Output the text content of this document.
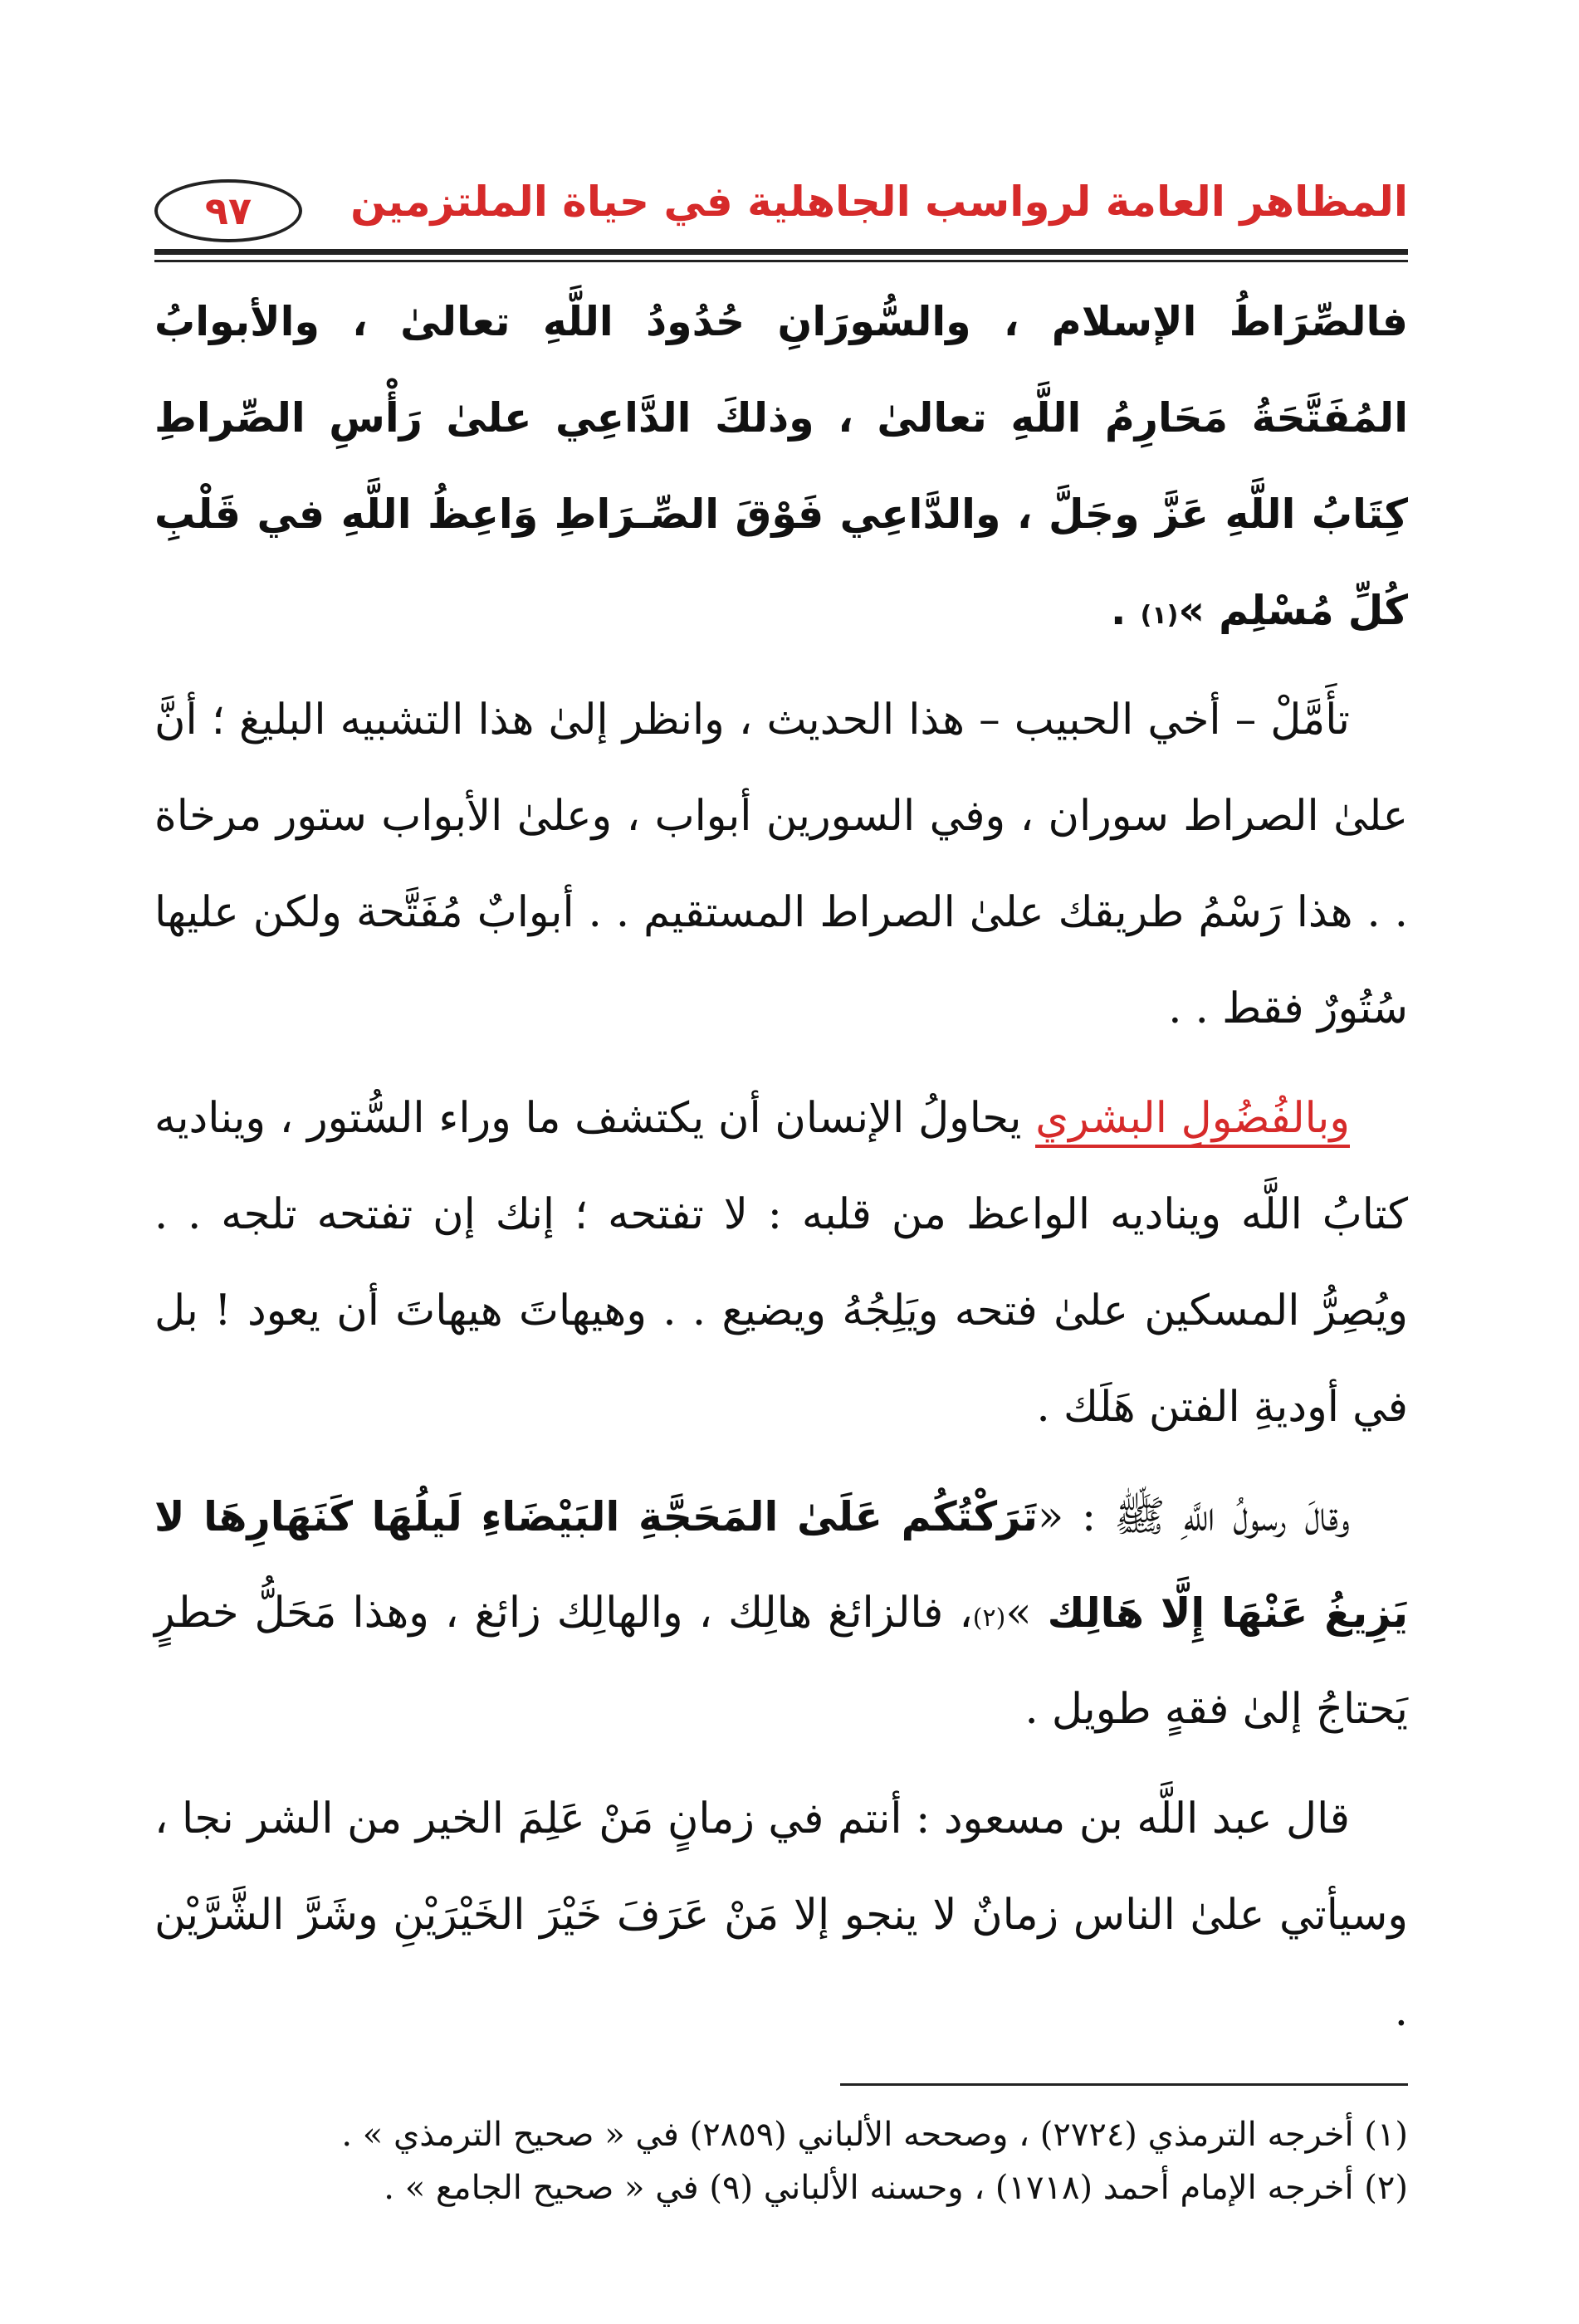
المظاهر العامة لرواسب الجاهلية في حياة الملتزمين
٩٧

فالصِّرَاطُ الإسلام ، والسُّورَانِ حُدُودُ اللَّهِ تعالىٰ ، والأبوابُ المُفَتَّحَةُ مَحَارِمُ اللَّهِ تعالىٰ ، وذلكَ الدَّاعِي علىٰ رَأْسِ الصِّراطِ كِتَابُ اللَّهِ عَزَّ وجَلَّ ، والدَّاعِي فَوْقَ الصِّـرَاطِ وَاعِظُ اللَّهِ في قَلْبِ كُلِّ مُسْلِم »$^{(١)}$ .

تأَمَّلْ – أخي الحبيب – هذا الحديث ، وانظر إلىٰ هذا التشبيه البليغ ؛ أنَّ علىٰ الصراط سوران ، وفي السورين أبواب ، وعلىٰ الأبواب ستور مرخاة . . هذا رَسْمُ طريقك علىٰ الصراط المستقيم . . أبوابٌ مُفَتَّحة ولكن عليها سُتُورٌ فقط . .

وبالفُضُولِ البشري يحاولُ الإنسان أن يكتشف ما وراء السُّتور ، ويناديه كتابُ اللَّه ويناديه الواعظ من قلبه : لا تفتحه ؛ إنك إن تفتحه تلجه . . ويُصِرُّ المسكين علىٰ فتحه ويَلِجُهُ ويضيع . . وهيهاتَ هيهاتَ أن يعود ! بل في أوديةِ الفتن هَلَك .

وقالَ رسولُ اللَّهِ ﷺ : «تَرَكْتُكُم عَلَىٰ المَحَجَّةِ البَيْضَاءِ لَيلُهَا كَنَهَارِهَا لا يَزِيغُ عَنْهَا إِلَّا هَالِك »$^{(٢)}$، فالزائغ هالِك ، والهالِك زائغ ، وهذا مَحَلُّ خطرٍ يَحتاجُ إلىٰ فقهٍ طويل .

قال عبد اللَّه بن مسعود : أنتم في زمانٍ مَنْ عَلِمَ الخير من الشر نجا ، وسيأتي علىٰ الناس زمانٌ لا ينجو إلا مَنْ عَرَفَ خَيْرَ الخَيْرَيْنِ وشَرَّ الشَّرَّيْن .

(١) أخرجه الترمذي (٢٧٢٤) ، وصححه الألباني (٢٨٥٩) في « صحيح الترمذي » .

(٢) أخرجه الإمام أحمد (١٧١٨) ، وحسنه الألباني (٩) في « صحيح الجامع » .
